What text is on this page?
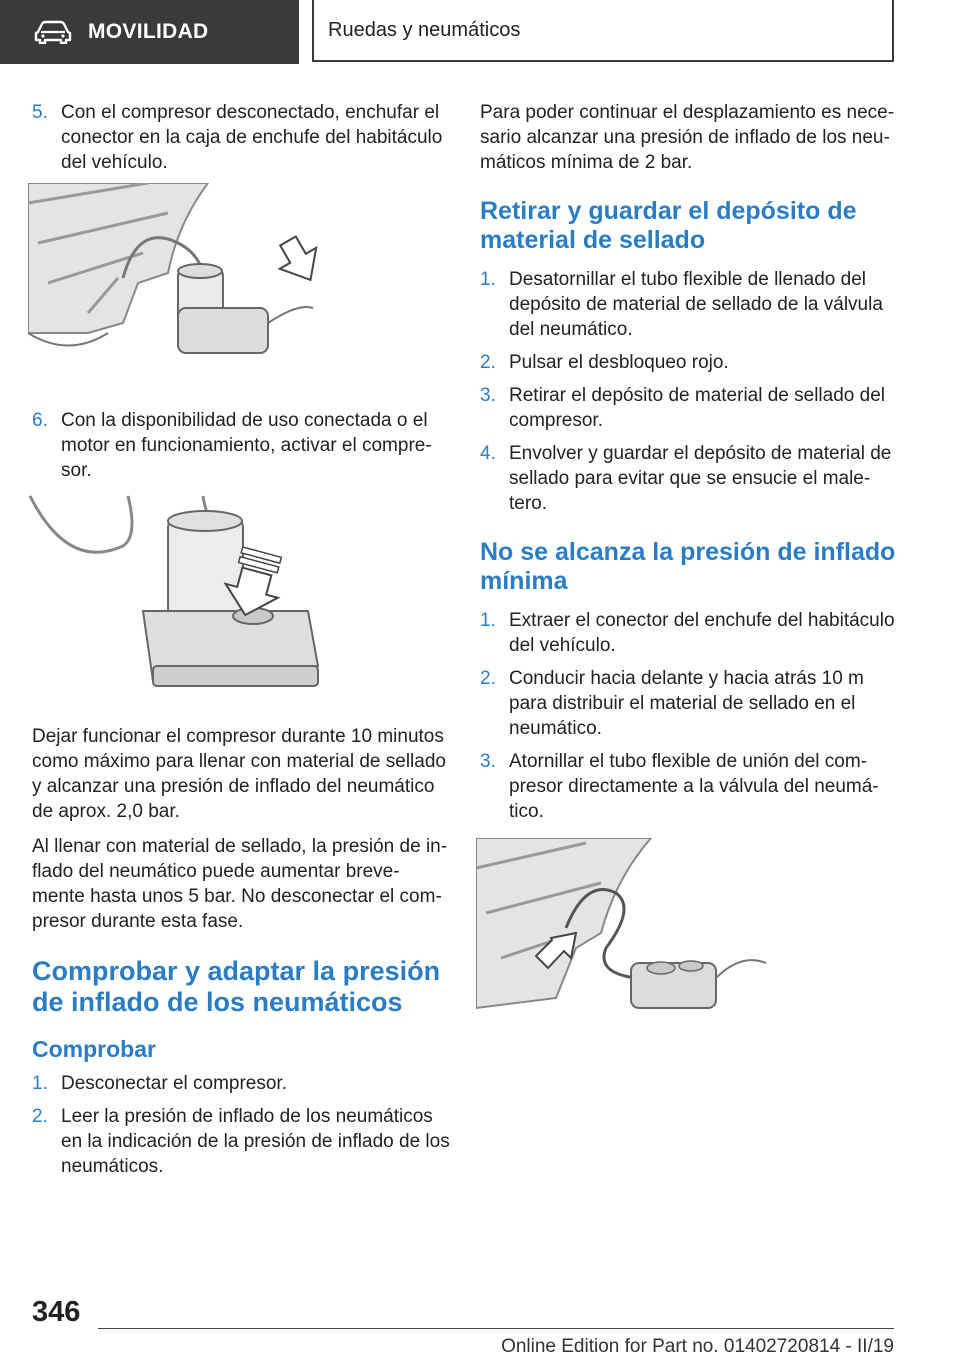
MOVILIDAD	Ruedas y neumáticos
5. Con el compresor desconectado, enchufar el conector en la caja de enchufe del habitáculo del vehículo.
6. Con la disponibilidad de uso conectada o el motor en funcionamiento, activar el compre-sor.

Dejar funcionar el compresor durante 10 minutos como máximo para llenar con material de sellado y alcanzar una presión de inflado del neumático de aprox. 2,0 bar.

Al llenar con material de sellado, la presión de in-flado del neumático puede aumentar breve-mente hasta unos 5 bar. No desconectar el com-presor durante esta fase.

Comprobar y adaptar la presión de inflado de los neumáticos
Comprobar
1. Desconectar el compresor.
2. Leer la presión de inflado de los neumáticos en la indicación de la presión de inflado de los neumáticos.

Para poder continuar el desplazamiento es nece-sario alcanzar una presión de inflado de los neu-máticos mínima de 2 bar.

Retirar y guardar el depósito de material de sellado
1. Desatornillar el tubo flexible de llenado del depósito de material de sellado de la válvula del neumático.
2. Pulsar el desbloqueo rojo.
3. Retirar el depósito de material de sellado del compresor.
4. Envolver y guardar el depósito de material de sellado para evitar que se ensucie el male-tero.
No se alcanza la presión de inflado mínima
1. Extraer el conector del enchufe del habitáculo del vehículo.
2. Conducir hacia delante y hacia atrás 10 m para distribuir el material de sellado en el neumático.
3. Atornillar el tubo flexible de unión del com-presor directamente a la válvula del neumá-tico.
346
Online Edition for Part no. 01402720814 - II/19
